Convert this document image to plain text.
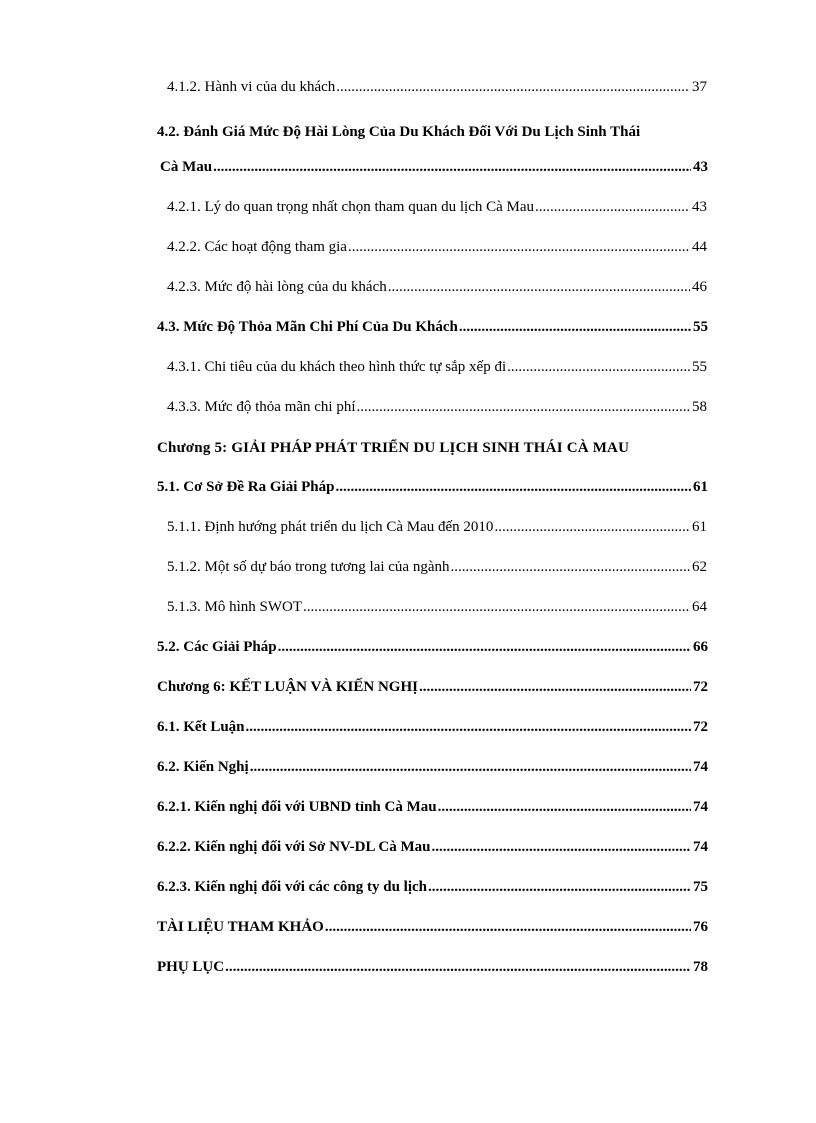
4.1.2. Hành vi của du khách .....	37
4.2. Đánh Giá Mức Độ Hài Lòng Của Du Khách Đối Với Du Lịch Sinh Thái
Cà Mau .....	43
4.2.1. Lý do quan trọng nhất chọn tham quan du lịch Cà Mau .....	43
4.2.2. Các hoạt động tham gia .....	44
4.2.3. Mức độ hài lòng của du khách .....	46
4.3. Mức Độ Thỏa Mãn Chi Phí Của Du Khách .....	55
4.3.1. Chi tiêu của du khách theo hình thức tự sắp xếp đi .....	55
4.3.3. Mức độ thỏa mãn chi phí .....	58
Chương 5: GIẢI PHÁP PHÁT TRIỂN DU LỊCH SINH THÁI CÀ MAU
5.1. Cơ Sở Đề Ra Giải Pháp .....	61
5.1.1. Định hướng phát triển du lịch Cà Mau đến 2010 .....	61
5.1.2. Một số dự báo trong tương lai của ngành .....	62
5.1.3. Mô hình SWOT .....	64
5.2. Các Giải Pháp .....	66
Chương 6: KẾT LUẬN VÀ KIẾN NGHỊ .....	72
6.1. Kết Luận .....	72
6.2. Kiến Nghị .....	74
6.2.1. Kiến nghị đối với UBND tỉnh Cà Mau .....	74
6.2.2. Kiến nghị đối với Sở NV-DL Cà Mau .....	74
6.2.3. Kiến nghị đối với các công ty du lịch .....	75
TÀI LIỆU THAM KHẢO .....	76
PHỤ LỤC .....	78
